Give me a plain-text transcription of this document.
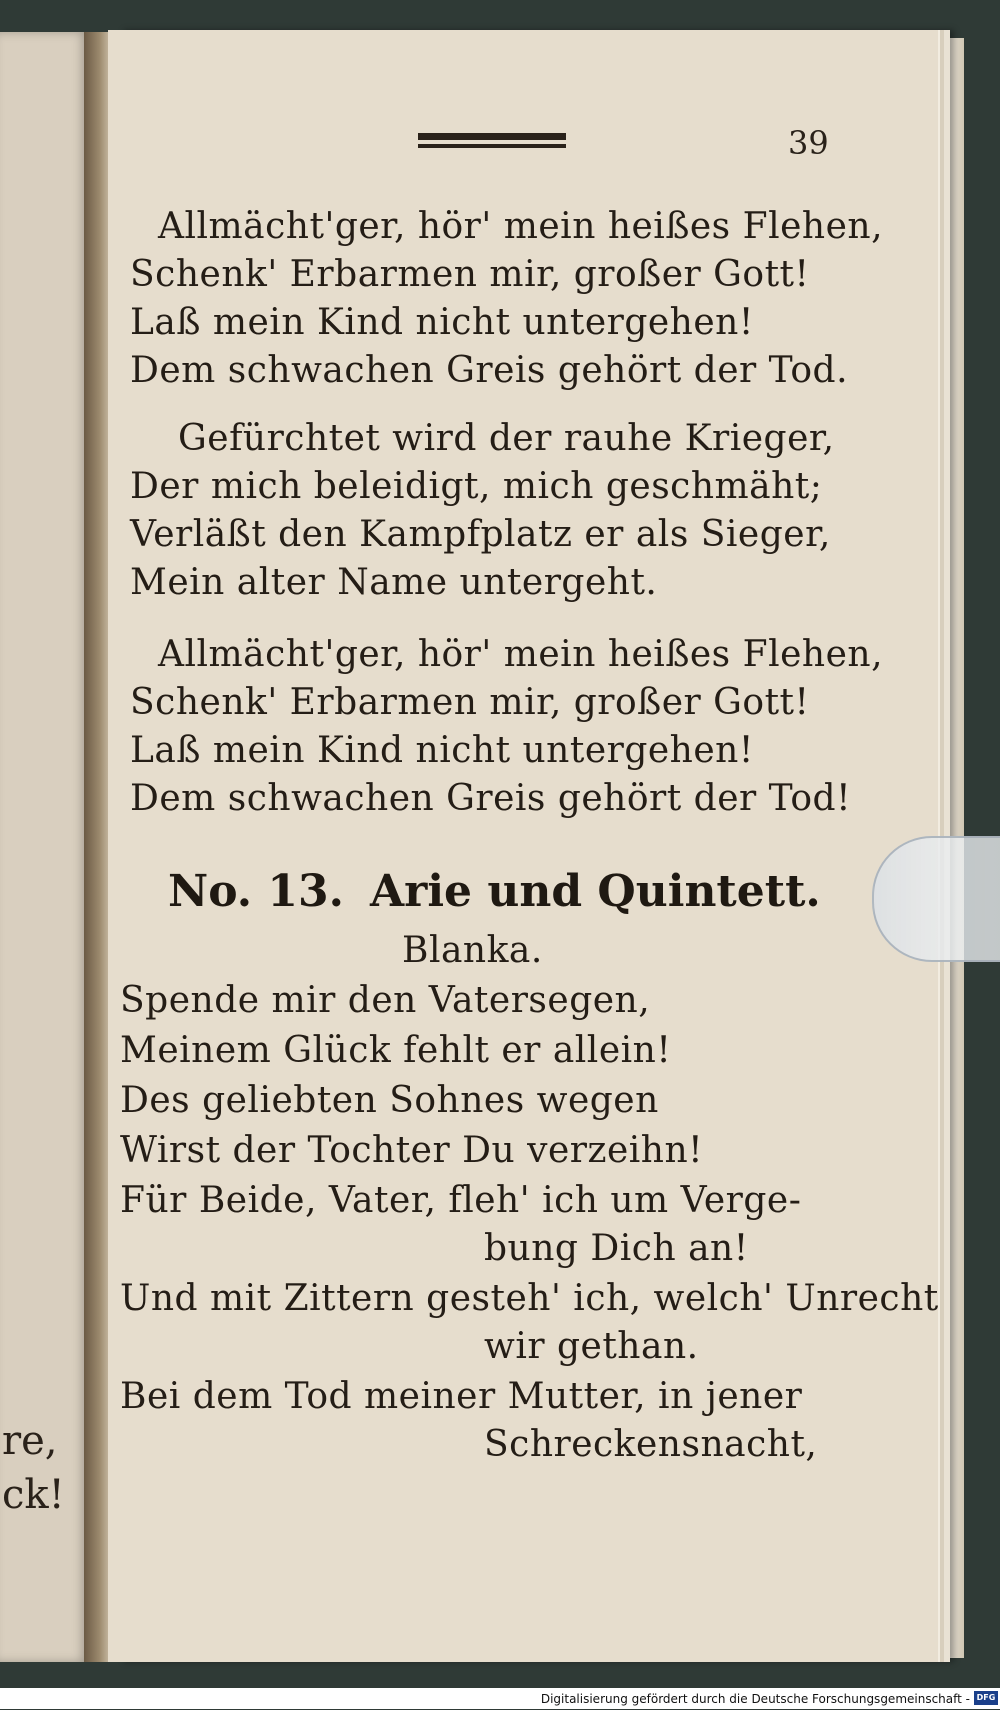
re,
ck!
39
Allmächt'ger, hör' mein heißes Flehen,
Schenk' Erbarmen mir, großer Gott!
Laß mein Kind nicht untergehen!
Dem schwachen Greis gehört der Tod.
Gefürchtet wird der rauhe Krieger,
Der mich beleidigt, mich geschmäht;
Verläßt den Kampfplatz er als Sieger,
Mein alter Name untergeht.
Allmächt'ger, hör' mein heißes Flehen,
Schenk' Erbarmen mir, großer Gott!
Laß mein Kind nicht untergehen!
Dem schwachen Greis gehört der Tod!
No. 13. Arie und Quintett.
Blanka.
Spende mir den Vatersegen,
Meinem Glück fehlt er allein!
Des geliebten Sohnes wegen
Wirst der Tochter Du verzeihn!
Für Beide, Vater, fleh' ich um Verge-
bung Dich an!
Und mit Zittern gesteh' ich, welch' Unrecht
wir gethan.
Bei dem Tod meiner Mutter, in jener
Schreckensnacht,
Digitalisierung gefördert durch die Deutsche Forschungsgemeinschaft - DFG
